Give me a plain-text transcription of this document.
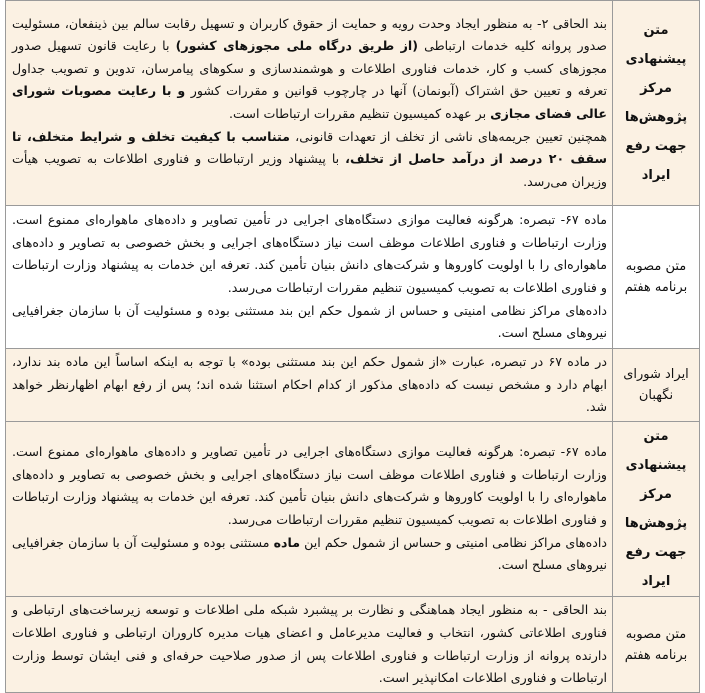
متن پیشنهادی مرکز پژوهش‌ها جهت رفع ایراد	بند الحاقی ۲- به منظور ایجاد وحدت رویه و حمایت از حقوق کاربران و تسهیل رقابت سالم بین ذینفعان، مسئولیت صدور پروانه کلیه خدمات ارتباطی (از طریق درگاه ملی مجوزهای کشور) با رعایت قانون تسهیل صدور مجوزهای کسب و کار، خدمات فناوری اطلاعات و هوشمندسازی و سکوهای پیامرسان، تدوین و تصویب جداول تعرفه و تعیین حق اشتراک (آبونمان) آنها در چارچوب قوانین و مقررات کشور و با رعایت مصوبات شورای عالی فضای مجازی بر عهده کمیسیون تنظیم مقررات ارتباطات است.
همچنین تعیین جریمه‌های ناشی از تخلف از تعهدات قانونی، متناسب با کیفیت تخلف و شرایط متخلف، تا سقف ۲۰ درصد از درآمد حاصل از تخلف، با پیشنهاد وزیر ارتباطات و فناوری اطلاعات به تصویب هیأت وزیران می‌رسد.

متن مصوبه برنامه هفتم	ماده ۶۷- تبصره: هرگونه فعالیت موازی دستگاه‌های اجرایی در تأمین تصاویر و داده‌های ماهواره‌ای ممنوع است. وزارت ارتباطات و فناوری اطلاعات موظف است نیاز دستگاه‌های اجرایی و بخش خصوصی به تصاویر و داده‌های ماهواره‌ای را با اولویت کاوروها و شرکت‌های دانش بنیان تأمین کند. تعرفه این خدمات به پیشنهاد وزارت ارتباطات و فناوری اطلاعات به تصویب کمیسیون تنظیم مقررات ارتباطات می‌رسد.
داده‌های مراکز نظامی امنیتی و حساس از شمول حکم این بند مستثنی بوده و مسئولیت آن با سازمان جغرافیایی نیروهای مسلح است.

ایراد شورای نگهبان	در ماده ۶۷ در تبصره، عبارت «از شمول حکم این بند مستثنی بوده» با توجه به اینکه اساساً این ماده بند ندارد، ابهام دارد و مشخص نیست که داده‌های مذکور از کدام احکام استثنا شده اند؛ پس از رفع ابهام اظهارنظر خواهد شد.

متن پیشنهادی مرکز پژوهش‌ها جهت رفع ایراد	ماده ۶۷- تبصره: هرگونه فعالیت موازی دستگاه‌های اجرایی در تأمین تصاویر و داده‌های ماهواره‌ای ممنوع است. وزارت ارتباطات و فناوری اطلاعات موظف است نیاز دستگاه‌های اجرایی و بخش خصوصی به تصاویر و داده‌های ماهواره‌ای را با اولویت کاوروها و شرکت‌های دانش بنیان تأمین کند. تعرفه این خدمات به پیشنهاد وزارت ارتباطات و فناوری اطلاعات به تصویب کمیسیون تنظیم مقررات ارتباطات می‌رسد.
داده‌های مراکز نظامی امنیتی و حساس از شمول حکم این ماده مستثنی بوده و مسئولیت آن با سازمان جغرافیایی نیروهای مسلح است.

متن مصوبه برنامه هفتم	بند الحاقی - به منظور ایجاد هماهنگی و نظارت بر پیشبرد شبکه ملی اطلاعات و توسعه زیرساخت‌های ارتباطی و فناوری اطلاعاتی کشور، انتخاب و فعالیت مدیرعامل و اعضای هیات مدیره کاروران ارتباطی و فناوری اطلاعات دارنده پروانه از وزارت ارتباطات و فناوری اطلاعات پس از صدور صلاحیت حرفه‌ای و فنی ایشان توسط وزارت ارتباطات و فناوری اطلاعات امکانپذیر است.
